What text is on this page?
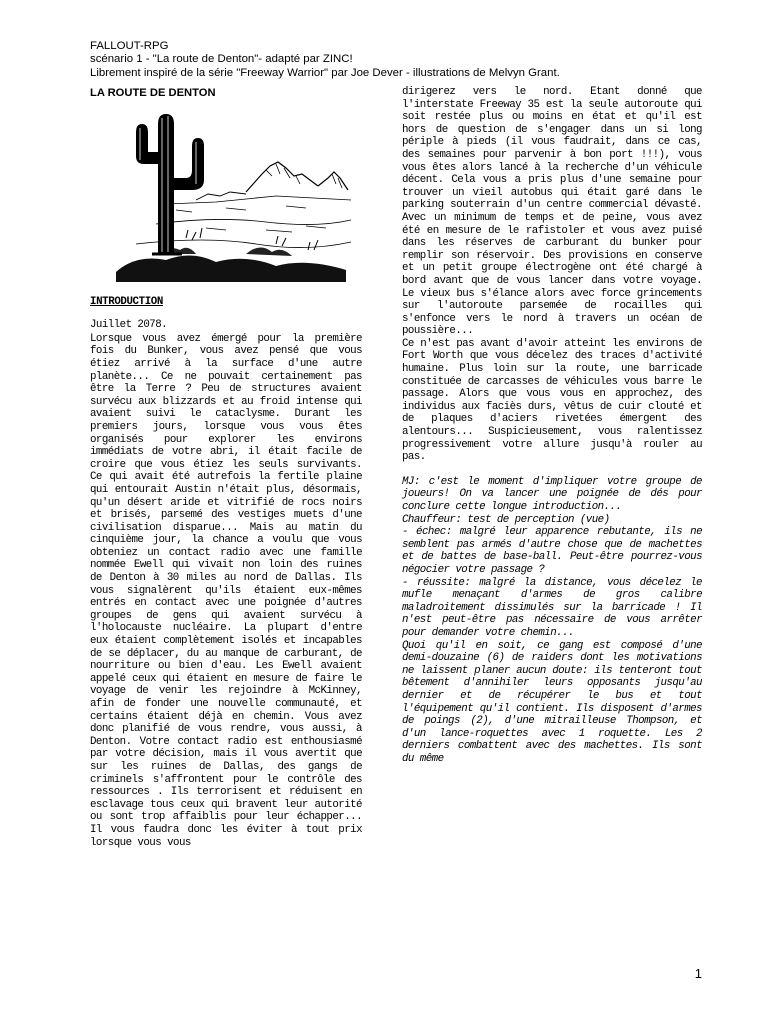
FALLOUT-RPG
scénario 1 - "La route de Denton"- adapté par ZINC!
Librement inspiré de la série "Freeway Warrior" par Joe Dever - illustrations de Melvyn Grant.
LA ROUTE DE DENTON
INTRODUCTION

Juillet 2078.

Lorsque vous avez émergé pour la première fois du Bunker, vous avez pensé que vous étiez arrivé à la surface d'une autre planète... Ce ne pouvait certainement pas être la Terre ? Peu de structures avaient survécu aux blizzards et au froid intense qui avaient suivi le cataclysme. Durant les premiers jours, lorsque vous vous êtes organisés pour explorer les environs immédiats de votre abri, il était facile de croire que vous étiez les seuls survivants. Ce qui avait été autrefois la fertile plaine qui entourait Austin n'était plus, désormais, qu'un désert aride et vitrifié de rocs noirs et brisés, parsemé des vestiges muets d'une civilisation disparue... Mais au matin du cinquième jour, la chance a voulu que vous obteniez un contact radio avec une famille nommée Ewell qui vivait non loin des ruines de Denton à 30 miles au nord de Dallas. Ils vous signalèrent qu'ils étaient eux-mêmes entrés en contact avec une poignée d'autres groupes de gens qui avaient survécu à l'holocauste nucléaire. La plupart d'entre eux étaient complètement isolés et incapables de se déplacer, du au manque de carburant, de nourriture ou bien d'eau. Les Ewell avaient appelé ceux qui étaient en mesure de faire le voyage de venir les rejoindre à McKinney, afin de fonder une nouvelle communauté, et certains étaient déjà en chemin. Vous avez donc planifié de vous rendre, vous aussi, à Denton. Votre contact radio est enthousiasmé par votre décision, mais il vous avertit que sur les ruines de Dallas, des gangs de criminels s'affrontent pour le contrôle des ressources . Ils terrorisent et réduisent en esclavage tous ceux qui bravent leur autorité ou sont trop affaiblis pour leur échapper... Il vous faudra donc les éviter à tout prix lorsque vous vous

dirigerez vers le nord. Etant donné que l'interstate Freeway 35 est la seule autoroute qui soit restée plus ou moins en état et qu'il est hors de question de s'engager dans un si long périple à pieds (il vous faudrait, dans ce cas, des semaines pour parvenir à bon port !!!), vous vous êtes alors lancé à la recherche d'un véhicule décent. Cela vous a pris plus d'une semaine pour trouver un vieil autobus qui était garé dans le parking souterrain d'un centre commercial dévasté. Avec un minimum de temps et de peine, vous avez été en mesure de le rafistoler et vous avez puisé dans les réserves de carburant du bunker pour remplir son réservoir. Des provisions en conserve et un petit groupe électrogène ont été chargé à bord avant que de vous lancer dans votre voyage. Le vieux bus s'élance alors avec force grincements sur l'autoroute parsemée de rocailles qui s'enfonce vers le nord à travers un océan de poussière...

Ce n'est pas avant d'avoir atteint les environs de Fort Worth que vous décelez des traces d'activité humaine. Plus loin sur la route, une barricade constituée de carcasses de véhicules vous barre le passage. Alors que vous vous en approchez, des individus aux faciès durs, vêtus de cuir clouté et de plaques d'aciers rivetées émergent des alentours... Suspicieusement, vous ralentissez progressivement votre allure jusqu'à rouler au pas.

MJ: c'est le moment d'impliquer votre groupe de joueurs! On va lancer une poignée de dés pour conclure cette longue introduction...

Chauffeur: test de perception (vue)

- échec: malgré leur apparence rebutante, ils ne semblent pas armés d'autre chose que de machettes et de battes de base-ball. Peut-être pourrez-vous négocier votre passage ?

- réussite: malgré la distance, vous décelez le mufle menaçant d'armes de gros calibre maladroitement dissimulés sur la barricade ! Il n'est peut-être pas nécessaire de vous arrêter pour demander votre chemin...

Quoi qu'il en soit, ce gang est composé d'une demi-douzaine (6) de raiders dont les motivations ne laissent planer aucun doute: ils tenteront tout bêtement d'annihiler leurs opposants jusqu'au dernier et de récupérer le bus et tout l'équipement qu'il contient. Ils disposent d'armes de poings (2), d'une mitrailleuse Thompson, et d'un lance-roquettes avec 1 roquette. Les 2 derniers combattent avec des machettes. Ils sont du même

1
